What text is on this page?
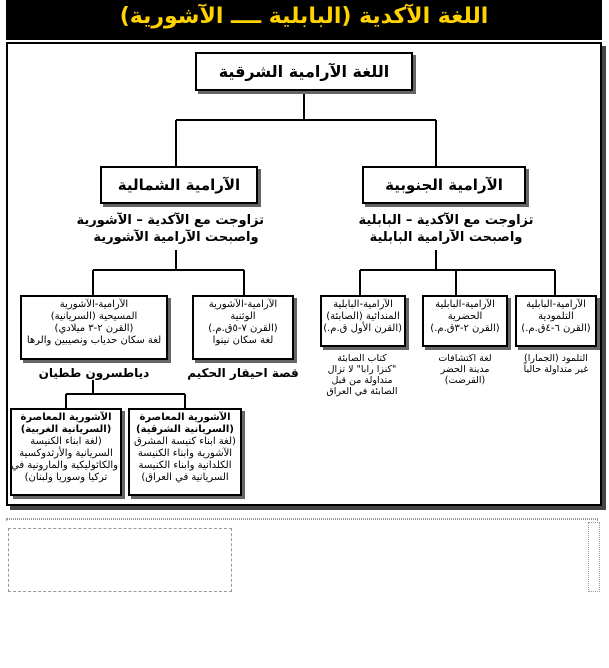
اللغة الآكدية (البابلية ــــ الآشورية)
اللغة الآرامية الشرقية
الآرامية الشمالية	الآرامية الجنوبية
تزاوجت مع الآكدية – الآشورية
واصبحت الآرامية الآشورية
تزاوجت مع الآكدية – البابلية
واصبحت الآرامية البابلية
الآرامية-الآشورية
المسيحية (السريانية)
(القرن ٢-٣ ميلادي)
لغة سكان حدياب ونصيبين والرها
الآرامية-الآشورية
الوثنية
(القرن ٧-٥ق.م.)
لغة سكان نينوا
الآرامية-البابلية
المندائية (الصابئة)
(القرن الأول ق.م.)
الآرامية-البابلية
الحضرية
(القرن ٢-٣ق.م.)
الآرامية-البابلية
التلمودية
(القرن ٦-٤ق.م.)
دياطسرون ططيان	قصة احيقار الحكيم
كتاب الصابئة
"كنزا رابا" لا تزال
متداولة من قبل
الصابئة في العراق
لغة اكتشافات
مدينة الحضر
(القرضت)
التلمود (الجمارا)
غير متداولة حالياً
الآشورية المعاصرة
(السريانية الغربية)
(لغة ابناء الكنيسة
السريانية والأرثدوكسية
والكاثوليكية والمارونية في
تركيا وسوريا ولبنان)
الآشورية المعاصرة
(السريانية الشرقية)
(لغة ابناء كنيسة المشرق
الآشورية وابناء الكنيسة
الكلدانية وابناء الكنيسة
السريانية في العراق)
